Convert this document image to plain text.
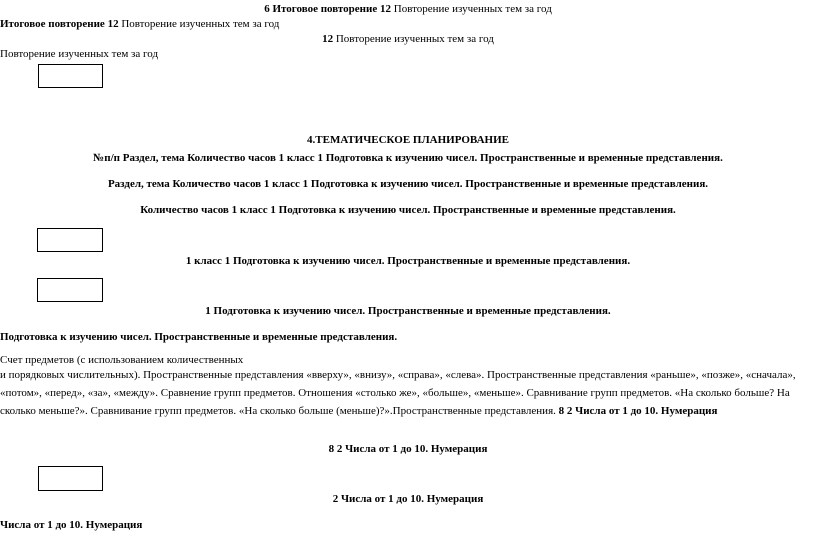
6 Итоговое повторение 12 Повторение изученных тем за год
Итоговое повторение 12 Повторение изученных тем за год
12 Повторение изученных тем за год
Повторение изученных тем за год
4.ТЕМАТИЧЕСКОЕ ПЛАНИРОВАНИЕ
№п/п Раздел, тема Количество часов 1 класс 1 Подготовка к изучению чисел. Пространственные и временные представления.
Раздел, тема Количество часов 1 класс 1 Подготовка к изучению чисел. Пространственные и временные представления.
Количество часов 1 класс 1 Подготовка к изучению чисел. Пространственные и временные представления.
1 класс 1 Подготовка к изучению чисел. Пространственные и временные представления.
1 Подготовка к изучению чисел. Пространственные и временные представления.
Подготовка к изучению чисел. Пространственные и временные представления.
Счет предметов (с использованием количественных
и порядковых числительных). Пространственные представления «вверху», «внизу», «справа», «слева». Пространственные представления «раньше», «позже», «сначала», «потом», «перед», «за», «между». Сравнение групп предметов. Отношения «столько же», «больше», «меньше». Сравнивание групп предметов. «На сколько больше? На сколько меньше?». Сравнивание групп предметов. «На сколько больше (меньше)?».Пространственные представления. 8 2 Числа от 1 до 10. Нумерация
8 2 Числа от 1 до 10. Нумерация
2 Числа от 1 до 10. Нумерация
Числа от 1 до 10. Нумерация
